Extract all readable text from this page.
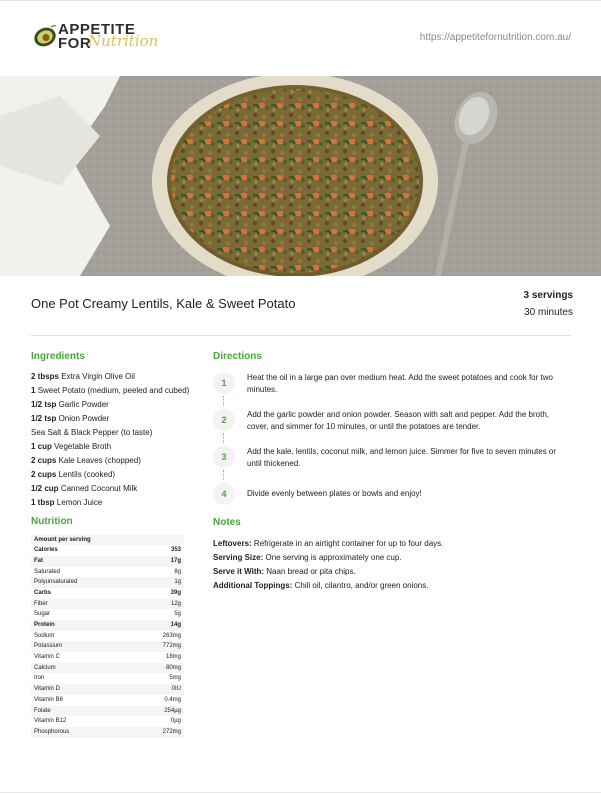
APPETITE
FOR
Nutrition	https://appetitefornutrition.com.au/
One Pot Creamy Lentils, Kale & Sweet Potato
3 servings
30 minutes
Ingredients
2 tbsps Extra Virgin Olive Oil
1 Sweet Potato (medium, peeled and cubed)
1/2 tsp Garlic Powder
1/2 tsp Onion Powder
Sea Salt & Black Pepper (to taste)
1 cup Vegetable Broth
2 cups Kale Leaves (chopped)
2 cups Lentils (cooked)
1/2 cup Canned Coconut Milk
1 tbsp Lemon Juice
Nutrition
Amount per serving
Calories	353
Fat	17g
Saturated	8g
Polyunsaturated	1g
Carbs	39g
Fiber	12g
Sugar	5g
Protein	14g
Sodium	263mg
Potassium	772mg
Vitamin C	18mg
Calcium	80mg
Iron	5mg
Vitamin D	0IU
Vitamin B6	0.4mg
Folate	254µg
Vitamin B12	0µg
Phosphorous	272mg
Directions
1
Heat the oil in a large pan over medium heat. Add the sweet potatoes and cook for two minutes.
2
Add the garlic powder and onion powder. Season with salt and pepper. Add the broth, cover, and simmer for 10 minutes, or until the potatoes are tender.
3
Add the kale, lentils, coconut milk, and lemon juice. Simmer for five to seven minutes or until thickened.
4	Divide evenly between plates or bowls and enjoy!
Notes
Leftovers: Refrigerate in an airtight container for up to four days.
Serving Size: One serving is approximately one cup.
Serve it With: Naan bread or pita chips.
Additional Toppings: Chili oil, cilantro, and/or green onions.
